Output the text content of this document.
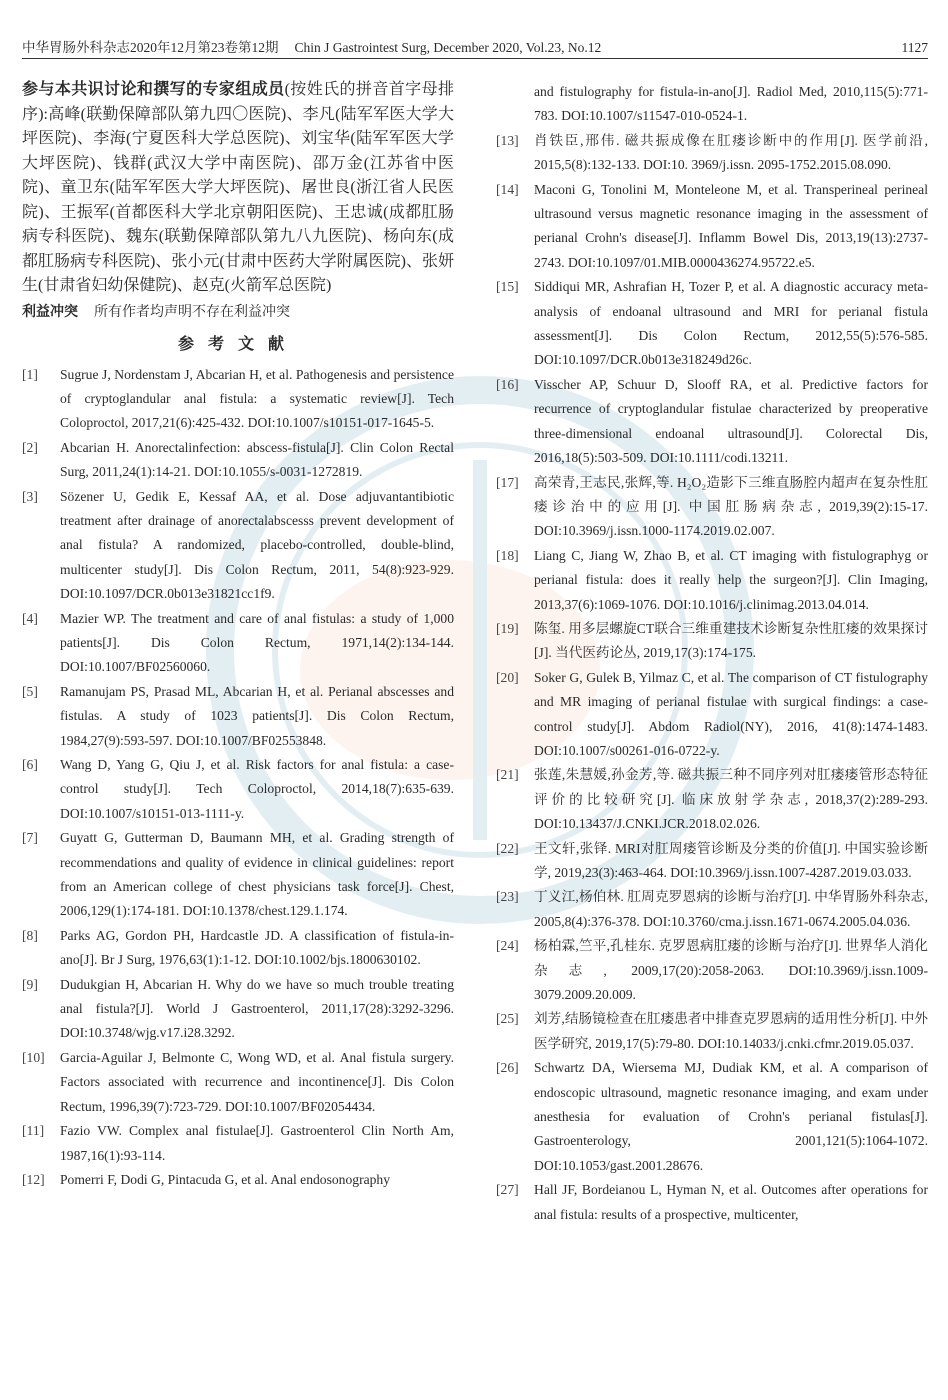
中华胃肠外科杂志2020年12月第23卷第12期 Chin J Gastrointest Surg, December 2020, Vol.23, No.12	1127

参与本共识讨论和撰写的专家组成员(按姓氏的拼音首字母排序):高峰(联勤保障部队第九四〇医院)、李凡(陆军军医大学大坪医院)、李海(宁夏医科大学总医院)、刘宝华(陆军军医大学大坪医院)、钱群(武汉大学中南医院)、邵万金(江苏省中医院)、童卫东(陆军军医大学大坪医院)、屠世良(浙江省人民医院)、王振军(首都医科大学北京朝阳医院)、王忠诚(成都肛肠病专科医院)、魏东(联勤保障部队第九八九医院)、杨向东(成都肛肠病专科医院)、张小元(甘肃中医药大学附属医院)、张妍生(甘肃省妇幼保健院)、赵克(火箭军总医院)

利益冲突 所有作者均声明不存在利益冲突
参考文献
[1]	Sugrue J, Nordenstam J, Abcarian H, et al. Pathogenesis and persistence of cryptoglandular anal fistula: a systematic review[J]. Tech Coloproctol, 2017,21(6):425-432. DOI:10.1007/s10151-017-1645-5.
[2]	Abcarian H. Anorectalinfection: abscess-fistula[J]. Clin Colon Rectal Surg, 2011,24(1):14-21. DOI:10.1055/s-0031-1272819.
[3]	Sözener U, Gedik E, Kessaf AA, et al. Dose adjuvantantibiotic treatment after drainage of anorectalabscesss prevent development of anal fistula? A randomized, placebo-controlled, double-blind, multicenter study[J]. Dis Colon Rectum, 2011, 54(8):923-929. DOI:10.1097/DCR.0b013e31821cc1f9.
[4]	Mazier WP. The treatment and care of anal fistulas: a study of 1,000 patients[J]. Dis Colon Rectum, 1971,14(2):134-144. DOI:10.1007/BF02560060.
[5]	Ramanujam PS, Prasad ML, Abcarian H, et al. Perianal abscesses and fistulas. A study of 1023 patients[J]. Dis Colon Rectum, 1984,27(9):593-597. DOI:10.1007/BF02553848.
[6]	Wang D, Yang G, Qiu J, et al. Risk factors for anal fistula: a case-control study[J]. Tech Coloproctol, 2014,18(7):635-639. DOI:10.1007/s10151-013-1111-y.
[7]	Guyatt G, Gutterman D, Baumann MH, et al. Grading strength of recommendations and quality of evidence in clinical guidelines: report from an American college of chest physicians task force[J]. Chest, 2006,129(1):174-181. DOI:10.1378/chest.129.1.174.
[8]	Parks AG, Gordon PH, Hardcastle JD. A classification of fistula-in-ano[J]. Br J Surg, 1976,63(1):1-12. DOI:10.1002/bjs.1800630102.
[9]	Dudukgian H, Abcarian H. Why do we have so much trouble treating anal fistula?[J]. World J Gastroenterol, 2011,17(28):3292-3296. DOI:10.3748/wjg.v17.i28.3292.
[10]	Garcia-Aguilar J, Belmonte C, Wong WD, et al. Anal fistula surgery. Factors associated with recurrence and incontinence[J]. Dis Colon Rectum, 1996,39(7):723-729. DOI:10.1007/BF02054434.
[11]	Fazio VW. Complex anal fistulae[J]. Gastroenterol Clin North Am, 1987,16(1):93-114.
[12]	Pomerri F, Dodi G, Pintacuda G, et al. Anal endosonography
and fistulography for fistula-in-ano[J]. Radiol Med, 2010,115(5):771-783. DOI:10.1007/s11547-010-0524-1.
[13]	肖铁臣,邢伟. 磁共振成像在肛瘘诊断中的作用[J]. 医学前沿, 2015,5(8):132-133. DOI:10. 3969/j.issn. 2095-1752.2015.08.090.
[14]	Maconi G, Tonolini M, Monteleone M, et al. Transperineal perineal ultrasound versus magnetic resonance imaging in the assessment of perianal Crohn's disease[J]. Inflamm Bowel Dis, 2013,19(13):2737-2743. DOI:10.1097/01.MIB.0000436274.95722.e5.
[15]	Siddiqui MR, Ashrafian H, Tozer P, et al. A diagnostic accuracy meta-analysis of endoanal ultrasound and MRI for perianal fistula assessment[J]. Dis Colon Rectum, 2012,55(5):576-585. DOI:10.1097/DCR.0b013e318249d26c.
[16]	Visscher AP, Schuur D, Slooff RA, et al. Predictive factors for recurrence of cryptoglandular fistulae characterized by preoperative three-dimensional endoanal ultrasound[J]. Colorectal Dis, 2016,18(5):503-509. DOI:10.1111/codi.13211.
[17]	高荣青,王志民,张辉,等. H₂O₂造影下三维直肠腔内超声在复杂性肛瘘诊治中的应用[J]. 中国肛肠病杂志, 2019,39(2):15-17. DOI:10.3969/j.issn.1000-1174.2019.02.007.
[18]	Liang C, Jiang W, Zhao B, et al. CT imaging with fistulographyg or perianal fistula: does it really help the surgeon?[J]. Clin Imaging, 2013,37(6):1069-1076. DOI:10.1016/j.clinimag.2013.04.014.
[19]	陈玺. 用多层螺旋CT联合三维重建技术诊断复杂性肛瘘的效果探讨[J]. 当代医药论丛, 2019,17(3):174-175.
[20]	Soker G, Gulek B, Yilmaz C, et al. The comparison of CT fistulography and MR imaging of perianal fistulae with surgical findings: a case-control study[J]. Abdom Radiol(NY), 2016, 41(8):1474-1483. DOI:10.1007/s00261-016-0722-y.
[21]	张莲,朱慧媛,孙金芳,等. 磁共振三种不同序列对肛瘘瘘管形态特征评价的比较研究[J]. 临床放射学杂志, 2018,37(2):289-293. DOI:10.13437/J.CNKI.JCR.2018.02.026.
[22]	王文轩,张铎. MRI对肛周瘘管诊断及分类的价值[J]. 中国实验诊断学, 2019,23(3):463-464. DOI:10.3969/j.issn.1007-4287.2019.03.033.
[23]	丁义江,杨伯林. 肛周克罗恩病的诊断与治疗[J]. 中华胃肠外科杂志, 2005,8(4):376-378. DOI:10.3760/cma.j.issn.1671-0674.2005.04.036.
[24]	杨柏霖,竺平,孔桂东. 克罗恩病肛瘘的诊断与治疗[J]. 世界华人消化杂志, 2009,17(20):2058-2063. DOI:10.3969/j.issn.1009-3079.2009.20.009.
[25]	刘芳,结肠镜检查在肛瘘患者中排查克罗恩病的适用性分析[J]. 中外医学研究, 2019,17(5):79-80. DOI:10.14033/j.cnki.cfmr.2019.05.037.
[26]	Schwartz DA, Wiersema MJ, Dudiak KM, et al. A comparison of endoscopic ultrasound, magnetic resonance imaging, and exam under anesthesia for evaluation of Crohn's perianal fistulas[J]. Gastroenterology, 2001,121(5):1064-1072. DOI:10.1053/gast.2001.28676.
[27]	Hall JF, Bordeianou L, Hyman N, et al. Outcomes after operations for anal fistula: results of a prospective, multicenter,
